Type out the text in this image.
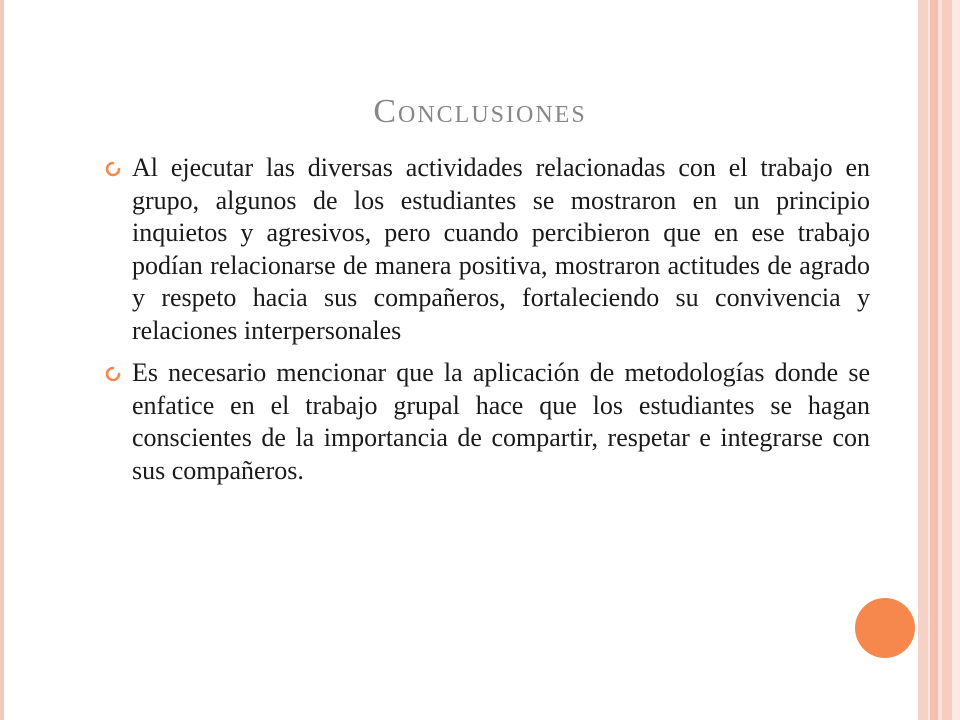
Conclusiones
Al ejecutar las diversas actividades relacionadas con el trabajo en grupo, algunos de los estudiantes se mostraron en un principio inquietos y agresivos, pero cuando percibieron que en ese trabajo podían relacionarse de manera positiva, mostraron actitudes de agrado y respeto hacia sus compañeros, fortaleciendo su convivencia y relaciones interpersonales
Es necesario mencionar que la aplicación de metodologías donde se enfatice en el trabajo grupal hace que los estudiantes se hagan conscientes de la importancia de compartir, respetar e integrarse con sus compañeros.
